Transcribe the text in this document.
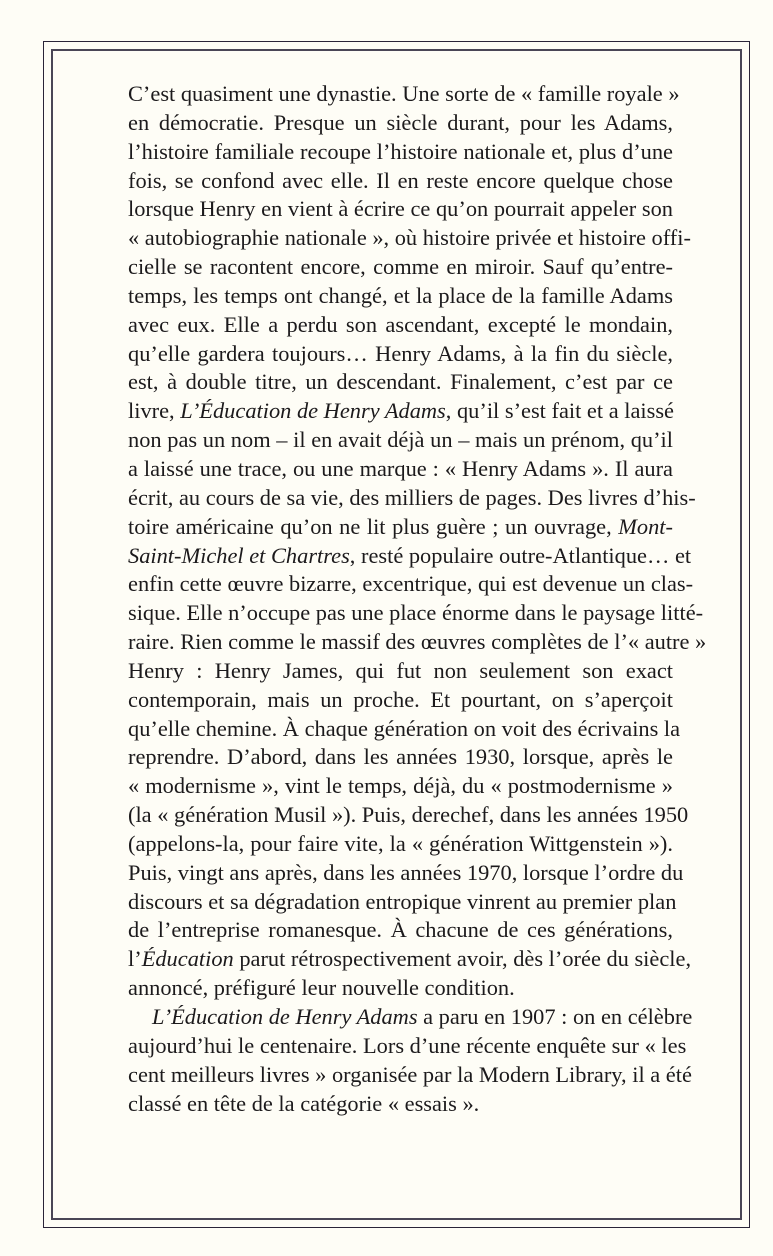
C’est quasiment une dynastie. Une sorte de « famille royale »
en démocratie. Presque un siècle durant, pour les Adams,
l’histoire familiale recoupe l’histoire nationale et, plus d’une
fois, se confond avec elle. Il en reste encore quelque chose
lorsque Henry en vient à écrire ce qu’on pourrait appeler son
« autobiographie nationale », où histoire privée et histoire offi-
cielle se racontent encore, comme en miroir. Sauf qu’entre-
temps, les temps ont changé, et la place de la famille Adams
avec eux. Elle a perdu son ascendant, excepté le mondain,
qu’elle gardera toujours… Henry Adams, à la fin du siècle,
est, à double titre, un descendant. Finalement, c’est par ce
livre, L’Éducation de Henry Adams, qu’il s’est fait et a laissé
non pas un nom – il en avait déjà un – mais un prénom, qu’il
a laissé une trace, ou une marque : « Henry Adams ». Il aura
écrit, au cours de sa vie, des milliers de pages. Des livres d’his-
toire américaine qu’on ne lit plus guère ; un ouvrage, Mont-
Saint-Michel et Chartres, resté populaire outre-Atlantique… et
enfin cette œuvre bizarre, excentrique, qui est devenue un clas-
sique. Elle n’occupe pas une place énorme dans le paysage litté-
raire. Rien comme le massif des œuvres complètes de l’« autre »
Henry : Henry James, qui fut non seulement son exact
contemporain, mais un proche. Et pourtant, on s’aperçoit
qu’elle chemine. À chaque génération on voit des écrivains la
reprendre. D’abord, dans les années 1930, lorsque, après le
« modernisme », vint le temps, déjà, du « postmodernisme »
(la « génération Musil »). Puis, derechef, dans les années 1950
(appelons-la, pour faire vite, la « génération Wittgenstein »).
Puis, vingt ans après, dans les années 1970, lorsque l’ordre du
discours et sa dégradation entropique vinrent au premier plan
de l’entreprise romanesque. À chacune de ces générations,
l’Éducation parut rétrospectivement avoir, dès l’orée du siècle,
annoncé, préfiguré leur nouvelle condition.
L’Éducation de Henry Adams a paru en 1907 : on en célèbre
aujourd’hui le centenaire. Lors d’une récente enquête sur « les
cent meilleurs livres » organisée par la Modern Library, il a été
classé en tête de la catégorie « essais ».
